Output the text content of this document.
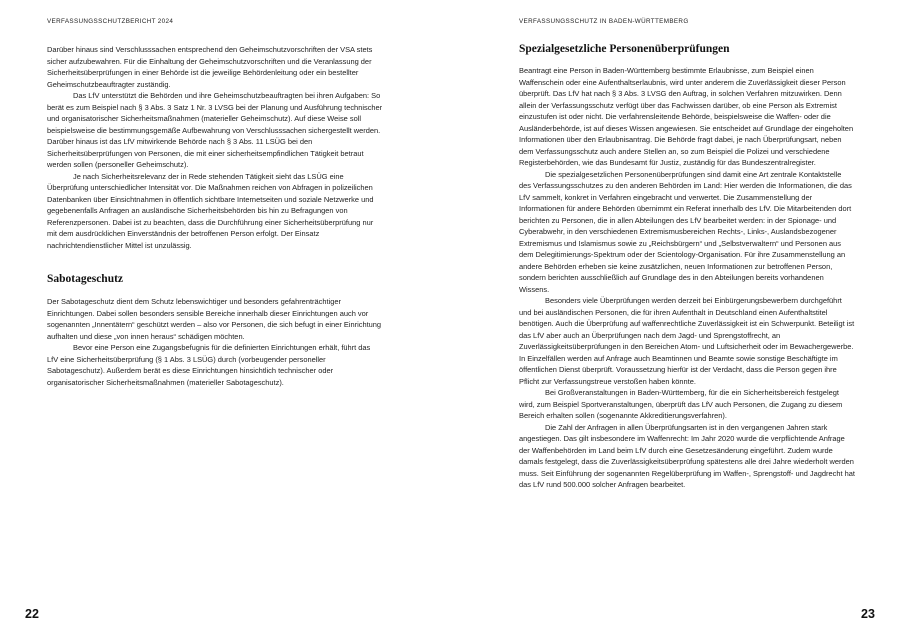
VERFASSUNGSSCHUTZBERICHT 2024

Darüber hinaus sind Verschlusssachen entsprechend den Geheimschutzvorschriften der VSA stets sicher aufzubewahren. Für die Einhaltung der Geheimschutzvorschriften und die Veranlassung der Sicherheitsüberprüfungen in einer Behörde ist die jeweilige Behördenleitung oder ein bestellter Geheimschutzbeauftragter zuständig.

Das LfV unterstützt die Behörden und ihre Geheimschutzbeauftragten bei ihren Aufgaben: So berät es zum Beispiel nach § 3 Abs. 3 Satz 1 Nr. 3 LVSG bei der Planung und Ausführung technischer und organisatorischer Sicherheitsmaßnahmen (materieller Geheimschutz). Auf diese Weise soll beispielsweise die bestimmungsgemäße Aufbewahrung von Verschlusssachen sichergestellt werden. Darüber hinaus ist das LfV mitwirkende Behörde nach § 3 Abs. 11 LSÜG bei den Sicherheitsüberprüfungen von Personen, die mit einer sicherheitsempfindlichen Tätigkeit betraut werden sollen (personeller Geheimschutz).

Je nach Sicherheitsrelevanz der in Rede stehenden Tätigkeit sieht das LSÜG eine Überprüfung unterschiedlicher Intensität vor. Die Maßnahmen reichen von Abfragen in polizeilichen Datenbanken über Einsichtnahmen in öffentlich sichtbare Internetseiten und soziale Netzwerke und gegebenenfalls Anfragen an ausländische Sicherheitsbehörden bis hin zu Befragungen von Referenzpersonen. Dabei ist zu beachten, dass die Durchführung einer Sicherheitsüberprüfung nur mit dem ausdrücklichen Einverständnis der betroffenen Person erfolgt. Der Einsatz nachrichtendienstlicher Mittel ist unzulässig.

Sabotageschutz

Der Sabotageschutz dient dem Schutz lebenswichtiger und besonders gefahrenträchtiger Einrichtungen. Dabei sollen besonders sensible Bereiche innerhalb dieser Einrichtungen auch vor sogenannten „Innentätern“ geschützt werden – also vor Personen, die sich befugt in einer Einrichtung aufhalten und diese „von innen heraus“ schädigen möchten.

Bevor eine Person eine Zugangsbefugnis für die definierten Einrichtungen erhält, führt das LfV eine Sicherheitsüberprüfung (§ 1 Abs. 3 LSÜG) durch (vorbeugender personeller Sabotageschutz). Außerdem berät es diese Einrichtungen hinsichtlich technischer oder organisatorischer Sicherheitsmaßnahmen (materieller Sabotageschutz).

22
VERFASSUNGSSCHUTZ IN BADEN-WÜRTTEMBERG
Spezialgesetzliche Personenüberprüfungen

Beantragt eine Person in Baden-Württemberg bestimmte Erlaubnisse, zum Beispiel einen Waffenschein oder eine Aufenthaltserlaubnis, wird unter anderem die Zuverlässigkeit dieser Person überprüft. Das LfV hat nach § 3 Abs. 3 LVSG den Auftrag, in solchen Verfahren mitzuwirken. Denn allein der Verfassungsschutz verfügt über das Fachwissen darüber, ob eine Person als Extremist einzustufen ist oder nicht. Die verfahrensleitende Behörde, beispielsweise die Waffen- oder die Ausländerbehörde, ist auf dieses Wissen angewiesen. Sie entscheidet auf Grundlage der eingeholten Informationen über den Erlaubnisantrag. Die Behörde fragt dabei, je nach Überprüfungsart, neben dem Verfassungsschutz auch andere Stellen an, so zum Beispiel die Polizei und verschiedene Registerbehörden, wie das Bundesamt für Justiz, zuständig für das Bundeszentralregister.

Die spezialgesetzlichen Personenüberprüfungen sind damit eine Art zentrale Kontaktstelle des Verfassungsschutzes zu den anderen Behörden im Land: Hier werden die Informationen, die das LfV sammelt, konkret in Verfahren eingebracht und verwertet. Die Zusammenstellung der Informationen für andere Behörden übernimmt ein Referat innerhalb des LfV. Die Mitarbeitenden dort berichten zu Personen, die in allen Abteilungen des LfV bearbeitet werden: in der Spionage- und Cyberabwehr, in den verschiedenen Extremismusbereichen Rechts-, Links-, Auslandsbezogener Extremismus und Islamismus sowie zu „Reichsbürgern“ und „Selbstverwaltern“ und Personen aus dem Delegitimierungs-Spektrum oder der Scientology-Organisation. Für ihre Zusammenstellung an andere Behörden erheben sie keine zusätzlichen, neuen Informationen zur betroffenen Person, sondern berichten ausschließlich auf Grundlage des in den Abteilungen bereits vorhandenen Wissens.

Besonders viele Überprüfungen werden derzeit bei Einbürgerungsbewerbern durchgeführt und bei ausländischen Personen, die für ihren Aufenthalt in Deutschland einen Aufenthaltstitel benötigen. Auch die Überprüfung auf waffenrechtliche Zuverlässigkeit ist ein Schwerpunkt. Beteiligt ist das LfV aber auch an Überprüfungen nach dem Jagd- und Sprengstoffrecht, an Zuverlässigkeitsüberprüfungen in den Bereichen Atom- und Luftsicherheit oder im Bewachergewerbe. In Einzelfällen werden auf Anfrage auch Beamtinnen und Beamte sowie sonstige Beschäftigte im öffentlichen Dienst überprüft. Voraussetzung hierfür ist der Verdacht, dass die Person gegen ihre Pflicht zur Verfassungstreue verstoßen haben könnte.

Bei Großveranstaltungen in Baden-Württemberg, für die ein Sicherheitsbereich festgelegt wird, zum Beispiel Sportveranstaltungen, überprüft das LfV auch Personen, die Zugang zu diesem Bereich erhalten sollen (sogenannte Akkreditierungsverfahren).

Die Zahl der Anfragen in allen Überprüfungsarten ist in den vergangenen Jahren stark angestiegen. Das gilt insbesondere im Waffenrecht: Im Jahr 2020 wurde die verpflichtende Anfrage der Waffenbehörden im Land beim LfV durch eine Gesetzesänderung eingeführt. Zudem wurde damals festgelegt, dass die Zuverlässigkeitsüberprüfung spätestens alle drei Jahre wiederholt werden muss. Seit Einführung der sogenannten Regelüberprüfung im Waffen-, Sprengstoff- und Jagdrecht hat das LfV rund 500.000 solcher Anfragen bearbeitet.

23
